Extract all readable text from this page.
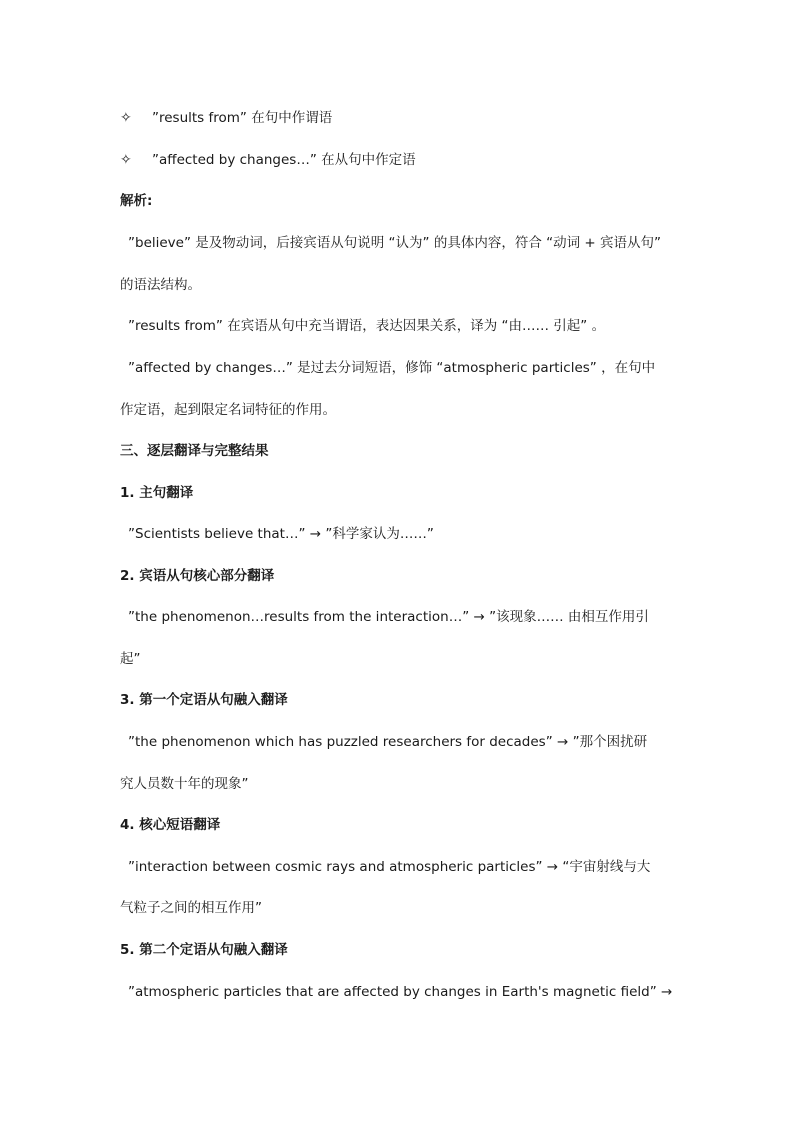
✧ ”results from” 在句中作谓语
✧ ”affected by changes…” 在从句中作定语
解析:
”believe” 是及物动词，后接宾语从句说明 “认为” 的具体内容，符合 “动词 + 宾语从句”
的语法结构。
”results from” 在宾语从句中充当谓语，表达因果关系，译为 “由…… 引起” 。
”affected by changes…” 是过去分词短语，修饰 “atmospheric particles” ，在句中
作定语，起到限定名词特征的作用。
三、逐层翻译与完整结果
1. 主句翻译
”Scientists believe that…” → ”科学家认为……”
2. 宾语从句核心部分翻译
”the phenomenon…results from the interaction…” → ”该现象…… 由相互作用引
起”
3. 第一个定语从句融入翻译
”the phenomenon which has puzzled researchers for decades” → ”那个困扰研
究人员数十年的现象”
4. 核心短语翻译
”interaction between cosmic rays and atmospheric particles” → “宇宙射线与大
气粒子之间的相互作用”
5. 第二个定语从句融入翻译
”atmospheric particles that are affected by changes in Earth's magnetic field” →
